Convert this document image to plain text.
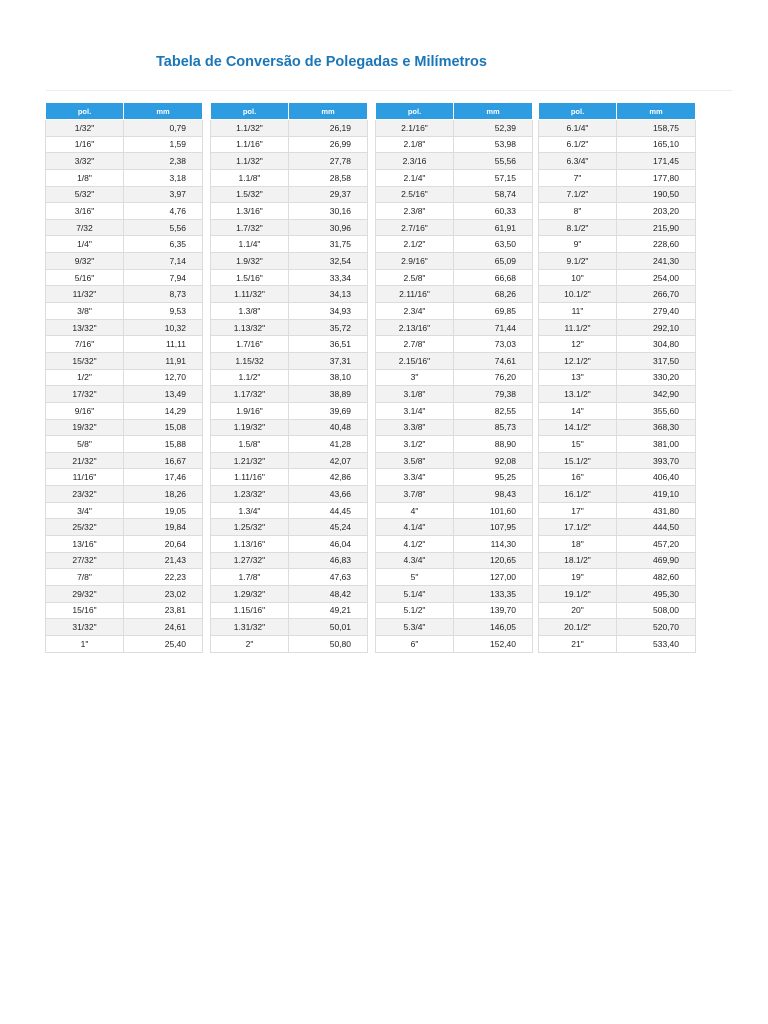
Tabela de Conversão de Polegadas e Milímetros
pol.	mm
1/32"	0,79
1/16"	1,59
3/32"	2,38
1/8"	3,18
5/32"	3,97
3/16"	4,76
7/32	5,56
1/4"	6,35
9/32"	7,14
5/16"	7,94
11/32"	8,73
3/8"	9,53
13/32"	10,32
7/16"	11,11
15/32"	11,91
1/2"	12,70
17/32"	13,49
9/16"	14,29
19/32"	15,08
5/8"	15,88
21/32"	16,67
11/16"	17,46
23/32"	18,26
3/4"	19,05
25/32"	19,84
13/16"	20,64
27/32"	21,43
7/8"	22,23
29/32"	23,02
15/16"	23,81
31/32"	24,61
1"	25,40
pol.	mm
1.1/32"	26,19
1.1/16"	26,99
1.1/32"	27,78
1.1/8"	28,58
1.5/32"	29,37
1.3/16"	30,16
1.7/32"	30,96
1.1/4"	31,75
1.9/32"	32,54
1.5/16"	33,34
1.11/32"	34,13
1.3/8"	34,93
1.13/32"	35,72
1.7/16"	36,51
1.15/32	37,31
1.1/2"	38,10
1.17/32"	38,89
1.9/16"	39,69
1.19/32"	40,48
1.5/8"	41,28
1.21/32"	42,07
1.11/16"	42,86
1.23/32"	43,66
1.3/4"	44,45
1.25/32"	45,24
1.13/16"	46,04
1.27/32"	46,83
1.7/8"	47,63
1.29/32"	48,42
1.15/16"	49,21
1.31/32"	50,01
2"	50,80
pol.	mm
2.1/16"	52,39
2.1/8"	53,98
2.3/16	55,56
2.1/4"	57,15
2.5/16"	58,74
2.3/8"	60,33
2.7/16"	61,91
2.1/2"	63,50
2.9/16"	65,09
2.5/8"	66,68
2.11/16"	68,26
2.3/4"	69,85
2.13/16"	71,44
2.7/8"	73,03
2.15/16"	74,61
3"	76,20
3.1/8"	79,38
3.1/4"	82,55
3.3/8"	85,73
3.1/2"	88,90
3.5/8"	92,08
3.3/4"	95,25
3.7/8"	98,43
4"	101,60
4.1/4"	107,95
4.1/2"	114,30
4.3/4"	120,65
5"	127,00
5.1/4"	133,35
5.1/2"	139,70
5.3/4"	146,05
6"	152,40
pol.	mm
6.1/4"	158,75
6.1/2"	165,10
6.3/4"	171,45
7"	177,80
7.1/2"	190,50
8"	203,20
8.1/2"	215,90
9"	228,60
9.1/2"	241,30
10"	254,00
10.1/2"	266,70
11"	279,40
11.1/2"	292,10
12"	304,80
12.1/2"	317,50
13"	330,20
13.1/2"	342,90
14"	355,60
14.1/2"	368,30
15"	381,00
15.1/2"	393,70
16"	406,40
16.1/2"	419,10
17"	431,80
17.1/2"	444,50
18"	457,20
18.1/2"	469,90
19"	482,60
19.1/2"	495,30
20"	508,00
20.1/2"	520,70
21"	533,40
